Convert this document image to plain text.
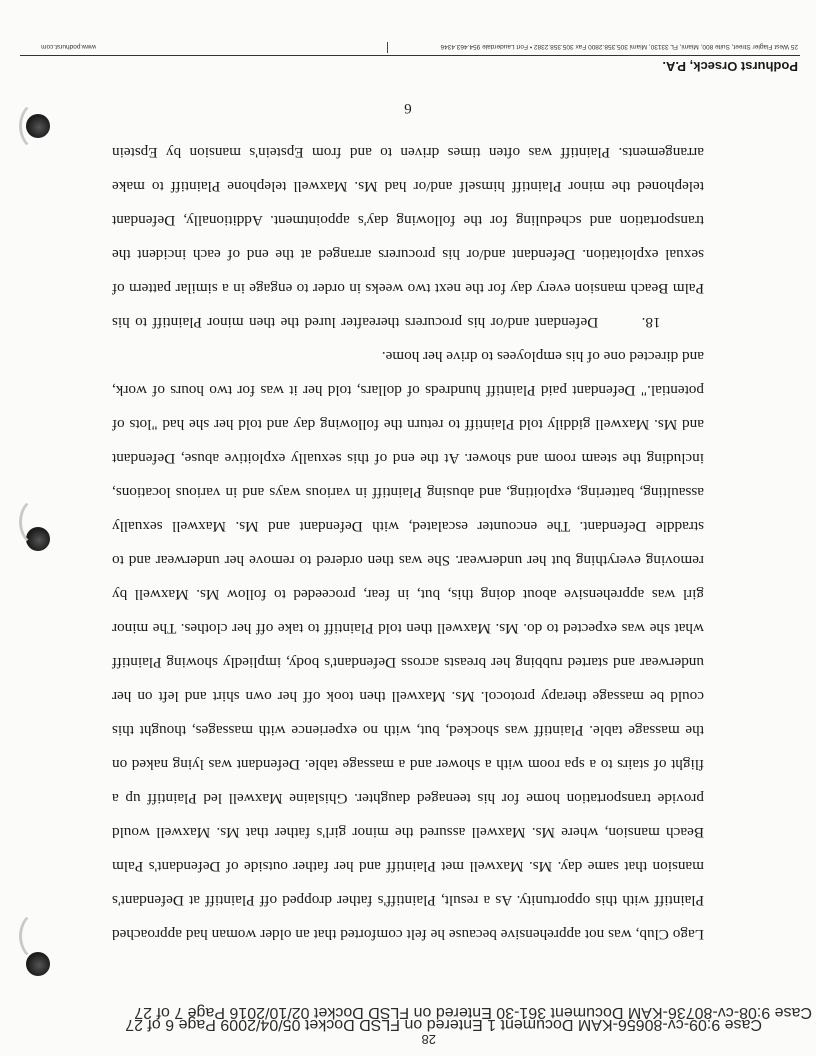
28
Case 9:09-cv-80656-KAM Document 1 Entered on FLSD Docket 05/04/2009 Page 6 of 27
Case 9:08-cv-80736-KAM Document 361-30 Entered on FLSD Docket 02/10/2016 Page 7 of 27
Lago Club, was not apprehensive because he felt comforted that an older woman had approached
Plaintiff with this opportunity. As a result, Plaintiff's father dropped off Plaintiff at Defendant's
mansion that same day. Ms. Maxwell met Plaintiff and her father outside of Defendant's Palm
Beach mansion, where Ms. Maxwell assured the minor girl's father that Ms. Maxwell would
provide transportation home for his teenaged daughter. Ghislaine Maxwell led Plaintiff up a
flight of stairs to a spa room with a shower and a massage table. Defendant was lying naked on
the massage table. Plaintiff was shocked, but, with no experience with massages, thought this
could be massage therapy protocol. Ms. Maxwell then took off her own shirt and left on her
underwear and started rubbing her breasts across Defendant's body, impliedly showing Plaintiff
what she was expected to do. Ms. Maxwell then told Plaintiff to take off her clothes. The minor
girl was apprehensive about doing this, but, in fear, proceeded to follow Ms. Maxwell by
removing everything but her underwear. She was then ordered to remove her underwear and to
straddle Defendant. The encounter escalated, with Defendant and Ms. Maxwell sexually
assaulting, battering, exploiting, and abusing Plaintiff in various ways and in various locations,
including the steam room and shower. At the end of this sexually exploitive abuse, Defendant
and Ms. Maxwell giddily told Plaintiff to return the following day and told her she had "lots of
potential." Defendant paid Plaintiff hundreds of dollars, told her it was for two hours of work,
and directed one of his employees to drive her home.
18.        Defendant and/or his procurers thereafter lured the then minor Plaintiff to his
Palm Beach mansion every day for the next two weeks in order to engage in a similar pattern of
sexual exploitation. Defendant and/or his procurers arranged at the end of each incident the
transportation and scheduling for the following day's appointment. Additionally, Defendant
telephoned the minor Plaintiff himself and/or had Ms. Maxwell telephone Plaintiff to make
arrangements. Plaintiff was often times driven to and from Epstein's mansion by Epstein
6
Podhurst Orseck, P.A.
25 West Flagler Street, Suite 800, Miami, FL 33130, Miami 305.358.2800 Fax 305.358.2382 • Fort Lauderdale 954.463.4346
www.podhurst.com
